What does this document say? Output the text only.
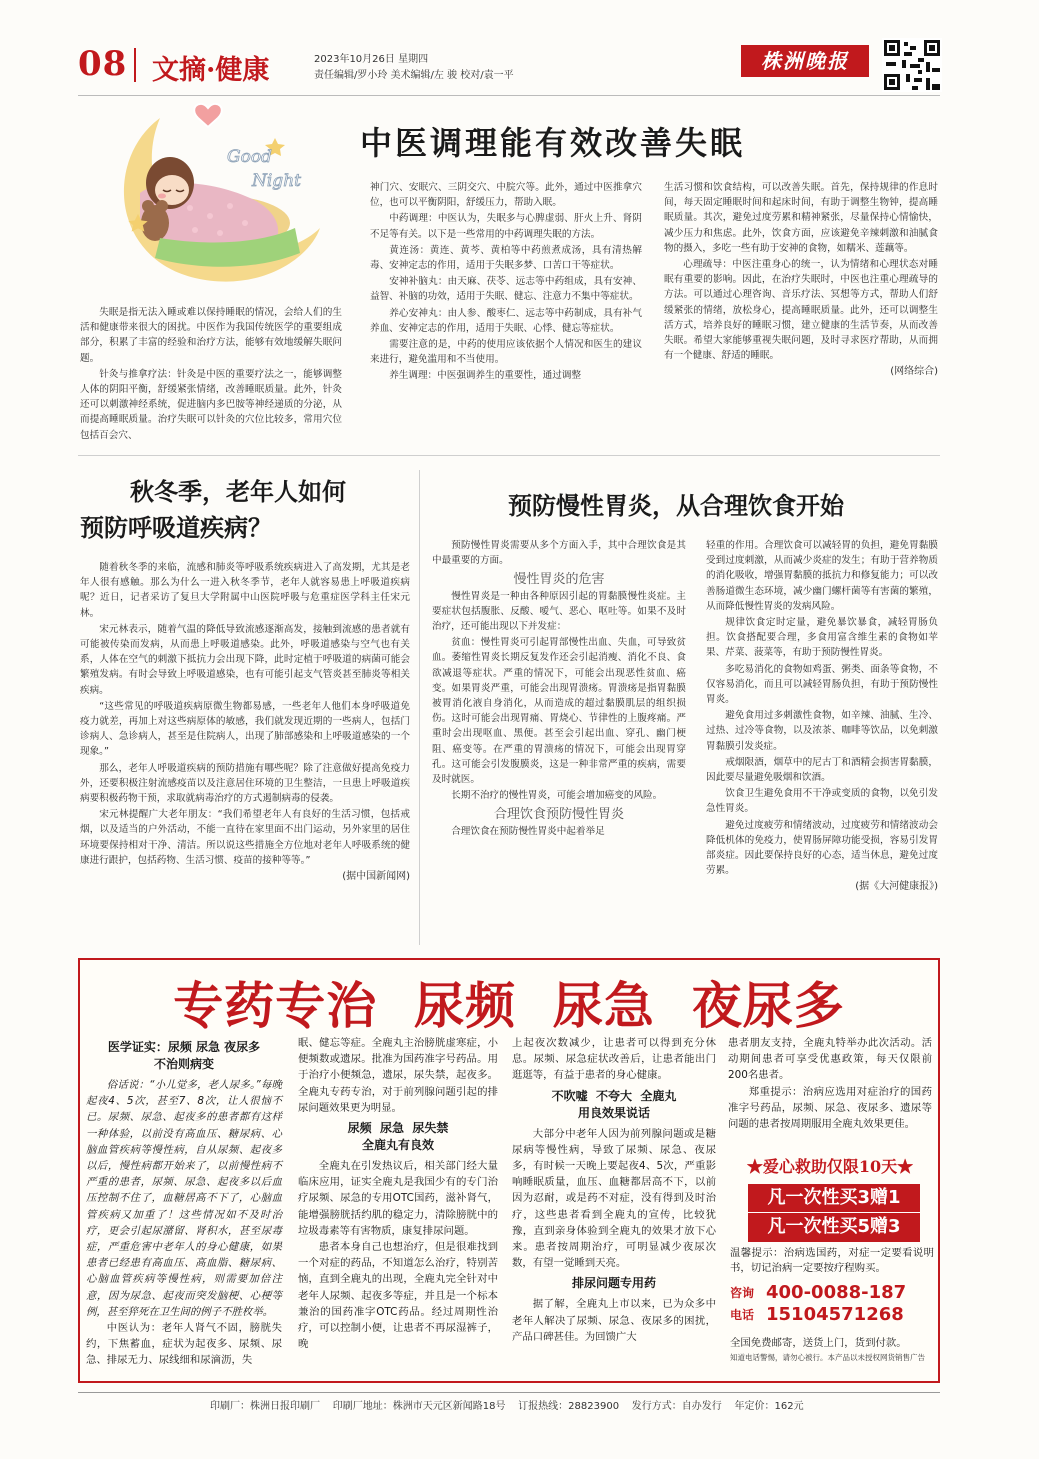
08 文摘·健康	2023年10月26日 星期四
责任编辑/罗小玲 美术编辑/左 骏 校对/袁一平
株洲晚报
Good
Night
中医调理能有效改善失眠

失眠是指无法入睡或难以保持睡眠的情况，会给人们的生活和健康带来很大的困扰。中医作为我国传统医学的重要组成部分，积累了丰富的经验和治疗方法，能够有效地缓解失眠问题。

针灸与推拿疗法：针灸是中医的重要疗法之一，能够调整人体的阴阳平衡，舒缓紧张情绪，改善睡眠质量。此外，针灸还可以刺激神经系统，促进脑内多巴胺等神经递质的分泌，从而提高睡眠质量。治疗失眠可以针灸的穴位比较多，常用穴位包括百会穴、

神门穴、安眠穴、三阴交穴、中脘穴等。此外，通过中医推拿穴位，也可以平衡阴阳，舒缓压力，帮助入眠。

中药调理：中医认为，失眠多与心脾虚弱、肝火上升、肾阴不足等有关。以下是一些常用的中药调理失眠的方法。

黄连汤：黄连、黄芩、黄柏等中药煎煮成汤，具有清热解毒、安神定志的作用，适用于失眠多梦、口苦口干等症状。

安神补脑丸：由天麻、茯苓、远志等中药组成，具有安神、益智、补脑的功效，适用于失眠、健忘、注意力不集中等症状。

养心安神丸：由人参、酸枣仁、远志等中药制成，具有补气养血、安神定志的作用，适用于失眠、心悸、健忘等症状。

需要注意的是，中药的使用应该依据个人情况和医生的建议来进行，避免滥用和不当使用。

养生调理：中医强调养生的重要性，通过调整

生活习惯和饮食结构，可以改善失眠。首先，保持规律的作息时间，每天固定睡眠时间和起床时间，有助于调整生物钟，提高睡眠质量。其次，避免过度劳累和精神紧张，尽量保持心情愉快，减少压力和焦虑。此外，饮食方面，应该避免辛辣刺激和油腻食物的摄入，多吃一些有助于安神的食物，如糯米、莲藕等。

心理疏导：中医注重身心的统一，认为情绪和心理状态对睡眠有重要的影响。因此，在治疗失眠时，中医也注重心理疏导的方法。可以通过心理咨询、音乐疗法、冥想等方式，帮助人们舒缓紧张的情绪，放松身心，提高睡眠质量。此外，还可以调整生活方式，培养良好的睡眠习惯，建立健康的生活节奏，从而改善失眠。希望大家能够重视失眠问题，及时寻求医疗帮助，从而拥有一个健康、舒适的睡眠。

(网络综合)

秋冬季，老年人如何
预防呼吸道疾病？

随着秋冬季的来临，流感和肺炎等呼吸系统疾病进入了高发期，尤其是老年人很有感触。那么为什么一进入秋冬季节，老年人就容易患上呼吸道疾病呢？近日，记者采访了复旦大学附属中山医院呼吸与危重症医学科主任宋元林。

宋元林表示，随着气温的降低导致流感逐渐高发，接触到流感的患者就有可能被传染而发病，从而患上呼吸道感染。此外，呼吸道感染与空气也有关系，人体在空气的刺激下抵抗力会出现下降，此时定植于呼吸道的病菌可能会繁殖发病。有时会导致上呼吸道感染，也有可能引起支气管炎甚至肺炎等相关疾病。

“这些常见的呼吸道疾病原微生物都易感，一些老年人他们本身呼吸道免疫力就差，再加上对这些病原体的敏感，我们就发现近期的一些病人，包括门诊病人、急诊病人，甚至是住院病人，出现了肺部感染和上呼吸道感染的一个现象。”

那么，老年人呼吸道疾病的预防措施有哪些呢？除了注意做好提高免疫力外，还要积极注射流感疫苗以及注意居住环境的卫生整洁，一旦患上呼吸道疾病要积极药物干预，求取就病毒治疗的方式遏制病毒的侵袭。

宋元林提醒广大老年朋友：“我们希望老年人有良好的生活习惯，包括戒烟，以及适当的户外活动，不能一直待在家里面不出门运动，另外家里的居住环境要保持相对干净、清洁。所以说这些措施全方位地对老年人呼吸系统的健康进行跟护，包括药物、生活习惯、疫苗的接种等等。”

(据中国新闻网)

预防慢性胃炎，从合理饮食开始

预防慢性胃炎需要从多个方面入手，其中合理饮食是其中最重要的方面。

慢性胃炎的危害

慢性胃炎是一种由各种原因引起的胃黏膜慢性炎症。主要症状包括腹胀、反酸、嗳气、恶心、呕吐等。如果不及时治疗，还可能出现以下并发症：

贫血：慢性胃炎可引起胃部慢性出血、失血，可导致贫血。萎缩性胃炎长期反复发作还会引起消瘦、消化不良、食欲减退等症状。严重的情况下，可能会出现恶性贫血、癌变。如果胃炎严重，可能会出现胃溃疡。胃溃疡是指胃黏膜被胃消化液自身消化，从而造成的超过黏膜肌层的组织损伤。这时可能会出现胃痛、胃烧心、节律性的上腹疼痛。严重时会出现呕血、黑便。甚至会引起出血、穿孔、幽门梗阻、癌变等。在严重的胃溃疡的情况下，可能会出现胃穿孔。这可能会引发腹膜炎，这是一种非常严重的疾病，需要及时就医。

长期不治疗的慢性胃炎，可能会增加癌变的风险。

合理饮食预防慢性胃炎

合理饮食在预防慢性胃炎中起着举足

轻重的作用。合理饮食可以减轻胃的负担，避免胃黏膜受到过度刺激，从而减少炎症的发生；有助于营养物质的消化吸收，增强胃黏膜的抵抗力和修复能力；可以改善肠道微生态环境，减少幽门螺杆菌等有害菌的繁殖，从而降低慢性胃炎的发病风险。

规律饮食定时定量，避免暴饮暴食，减轻胃肠负担。饮食搭配要合理，多食用富含维生素的食物如苹果、芹菜、菠菜等，有助于预防慢性胃炎。

多吃易消化的食物如鸡蛋、粥类、面条等食物，不仅容易消化，而且可以减轻胃肠负担，有助于预防慢性胃炎。

避免食用过多刺激性食物，如辛辣、油腻、生冷、过热、过冷等食物，以及浓茶、咖啡等饮品，以免刺激胃黏膜引发炎症。

戒烟限酒，烟草中的尼古丁和酒精会损害胃黏膜，因此要尽量避免吸烟和饮酒。

饮食卫生避免食用不干净或变质的食物，以免引发急性胃炎。

避免过度疲劳和情绪波动，过度疲劳和情绪波动会降低机体的免疫力，使胃肠屏障功能受损，容易引发胃部炎症。因此要保持良好的心态，适当休息，避免过度劳累。

(据《大河健康报》)

专药专治  尿频  尿急  夜尿多

医学证实：尿频 尿急 夜尿多

不治则病变

俗话说：“小儿觉多，老人尿多。”每晚起夜4、5次，甚至7、8次，让人很恼不已。尿频、尿急、起夜多的患者都有这样一种体验，以前没有高血压、糖尿病、心脑血管疾病等慢性病，自从尿频、起夜多以后，慢性病都开始来了，以前慢性病不严重的患者，尿频、尿急、起夜多以后血压控制不住了，血糖居高不下了，心脑血管疾病又加重了！这些情况如不及时治疗，更会引起尿潴留、肾积水，甚至尿毒症，严重危害中老年人的身心健康，如果患者已经患有高血压、高血脂、糖尿病、心脑血管疾病等慢性病，则需要加倍注意，因为尿急、起夜而突发脑梗、心梗等例，甚至猝死在卫生间的例子不胜枚举。

中医认为：老年人肾气不固，膀胱失约，下焦蓄血，症状为起夜多、尿频、尿急、排尿无力、尿线细和尿滴沥，失

眠、健忘等症。全鹿丸主治膀胱虚寒症，小便频数或遗尿。批准为国药准字号药品。用于治疗小便频急，遗尿，尿失禁，起夜多。全鹿丸专药专治，对于前列腺问题引起的排尿问题效果更为明显。

尿频  尿急  尿失禁

全鹿丸有良效

全鹿丸在引发热议后，相关部门经大量临床应用，证实全鹿丸是我国少有的专门治疗尿频、尿急的专用OTC国药，滋补肾气，能增强膀胱括约肌的稳定力，清除膀胱中的垃圾毒素等有害物质，康复排尿问题。

患者本身自己也想治疗，但是很难找到一个对症的药品，不知道怎么治疗，特别苦恼，直到全鹿丸的出现，全鹿丸完全针对中老年人尿频、起夜多等症，并且是一个标本兼治的国药准字OTC药品。经过周期性治疗，可以控制小便，让患者不再尿湿裤子，晚

上起夜次数减少，让患者可以得到充分休息。尿频、尿急症状改善后，让患者能出门逛逛等，有益于患者的身心健康。

不吹嘘  不夸大  全鹿丸

用良效果说话

大部分中老年人因为前列腺问题或是糖尿病等慢性病，导致了尿频、尿急、夜尿多，有时候一天晚上要起夜4、5次，严重影响睡眠质量，血压、血糖都居高不下，以前因为忍耐，或是药不对症，没有得到及时治疗，这些患者看到全鹿丸的宣传，比较犹豫，直到亲身体验到全鹿丸的效果才放下心来。患者按周期治疗，可明显减少夜尿次数，有望一觉睡到天亮。

排尿问题专用药

据了解，全鹿丸上市以来，已为众多中老年人解决了尿频、尿急、夜尿多的困扰，产品口碑甚佳。为回馈广大

患者朋友支持，全鹿丸特举办此次活动。活动期间患者可享受优惠政策，每天仅限前200名患者。

郑重提示：治病应选用对症治疗的国药准字号药品，尿频、尿急、夜尿多、遗尿等问题的患者按周期服用全鹿丸效果更佳。

★爱心救助仅限10天★
凡一次性买3赠1
凡一次性买5赠3
温馨提示：治病选国药，对症一定要看说明书，切记治病一定要按疗程购买。
咨询
电话
400-0088-187
15104571268
全国免费邮寄，送货上门，货到付款。
知道电话警惕，请勿心被行。本产品以未授权网货销售广告
印刷厂：株洲日报印刷厂    印刷厂地址：株洲市天元区新闻路18号    订报热线：28823900    发行方式：自办发行    年定价：162元
